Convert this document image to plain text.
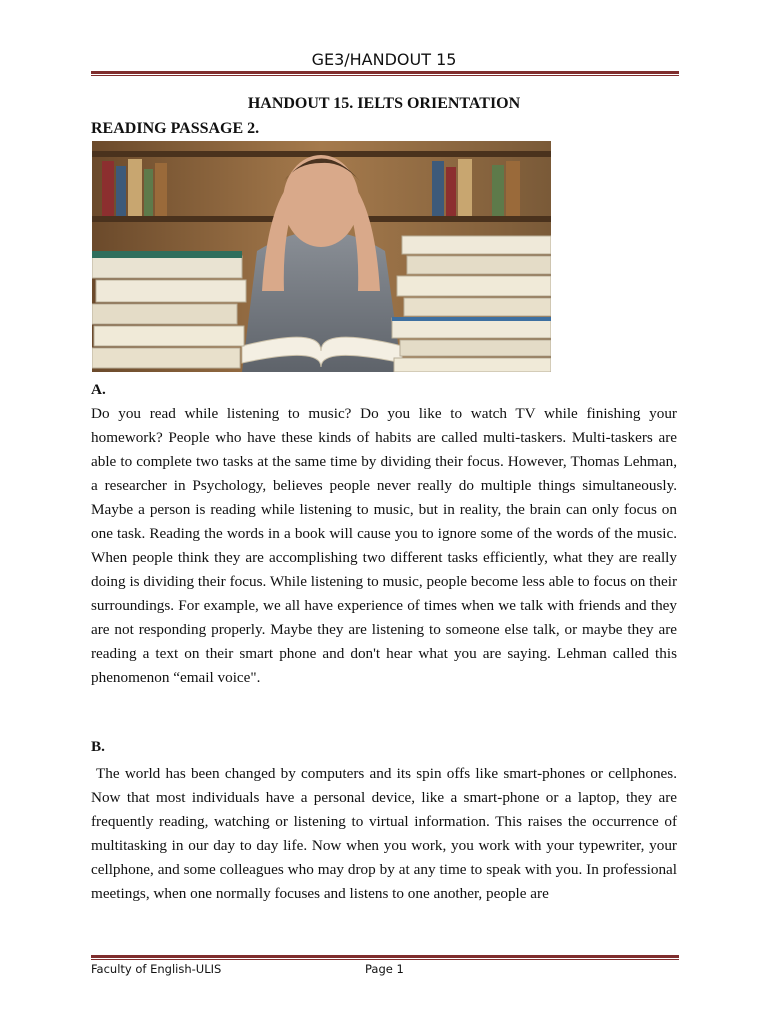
GE3/HANDOUT 15
HANDOUT 15. IELTS ORIENTATION
READING PASSAGE 2.
A.
Do you read while listening to music? Do you like to watch TV while finishing your homework? People who have these kinds of habits are called multi-taskers. Multi-taskers are able to complete two tasks at the same time by dividing their focus. However, Thomas Lehman, a researcher in Psychology, believes people never really do multiple things simultaneously. Maybe a person is reading while listening to music, but in reality, the brain can only focus on one task. Reading the words in a book will cause you to ignore some of the words of the music. When people think they are accomplishing two different tasks efficiently, what they are really doing is dividing their focus. While listening to music, people become less able to focus on their surroundings. For example, we all have experience of times when we talk with friends and they are not responding properly. Maybe they are listening to someone else talk, or maybe they are reading a text on their smart phone and don't hear what you are saying. Lehman called this phenomenon “email voice".
B.
The world has been changed by computers and its spin offs like smart-phones or cellphones. Now that most individuals have a personal device, like a smart-phone or a laptop, they are frequently reading, watching or listening to virtual information. This raises the occurrence of multitasking in our day to day life. Now when you work, you work with your typewriter, your cellphone, and some colleagues who may drop by at any time to speak with you. In professional meetings, when one normally focuses and listens to one another, people are
Faculty of English-ULIS	Page 1
